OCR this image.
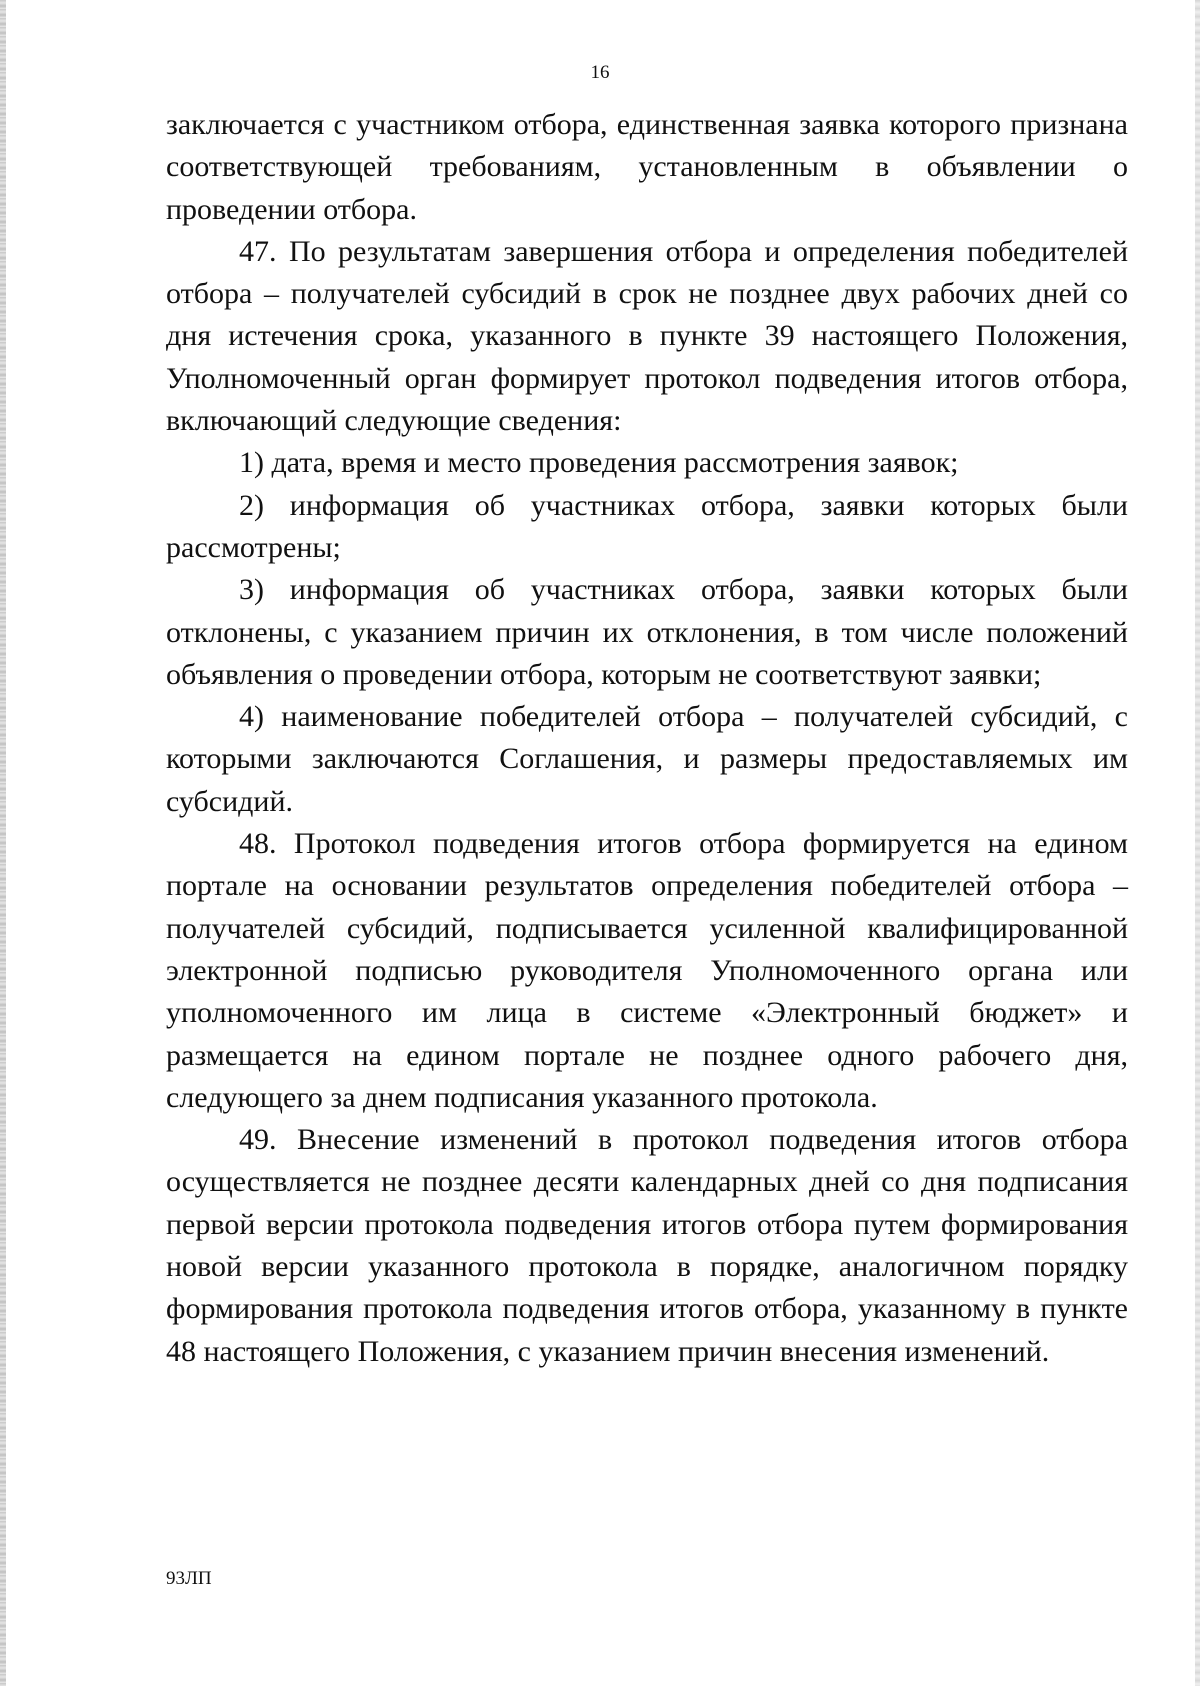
16

заключается с участником отбора, единственная заявка которого признана соответствующей требованиям, установленным в объявлении о проведении отбора.

47. По результатам завершения отбора и определения победителей отбора – получателей субсидий в срок не позднее двух рабочих дней со дня истечения срока, указанного в пункте 39 настоящего Положения, Уполномоченный орган формирует протокол подведения итогов отбора, включающий следующие сведения:

1) дата, время и место проведения рассмотрения заявок;

2) информация об участниках отбора, заявки которых были рассмотрены;

3) информация об участниках отбора, заявки которых были отклонены, с указанием причин их отклонения, в том числе положений объявления о проведении отбора, которым не соответствуют заявки;

4) наименование победителей отбора – получателей субсидий, с которыми заключаются Соглашения, и размеры предоставляемых им субсидий.

48. Протокол подведения итогов отбора формируется на едином портале на основании результатов определения победителей отбора – получателей субсидий, подписывается усиленной квалифицированной электронной подписью руководителя Уполномоченного органа или уполномоченного им лица в системе «Электронный бюджет» и размещается на едином портале не позднее одного рабочего дня, следующего за днем подписания указанного протокола.

49. Внесение изменений в протокол подведения итогов отбора осуществляется не позднее десяти календарных дней со дня подписания первой версии протокола подведения итогов отбора путем формирования новой версии указанного протокола в порядке, аналогичном порядку формирования протокола подведения итогов отбора, указанному в пункте 48 настоящего Положения, с указанием причин внесения изменений.

93ЛП
